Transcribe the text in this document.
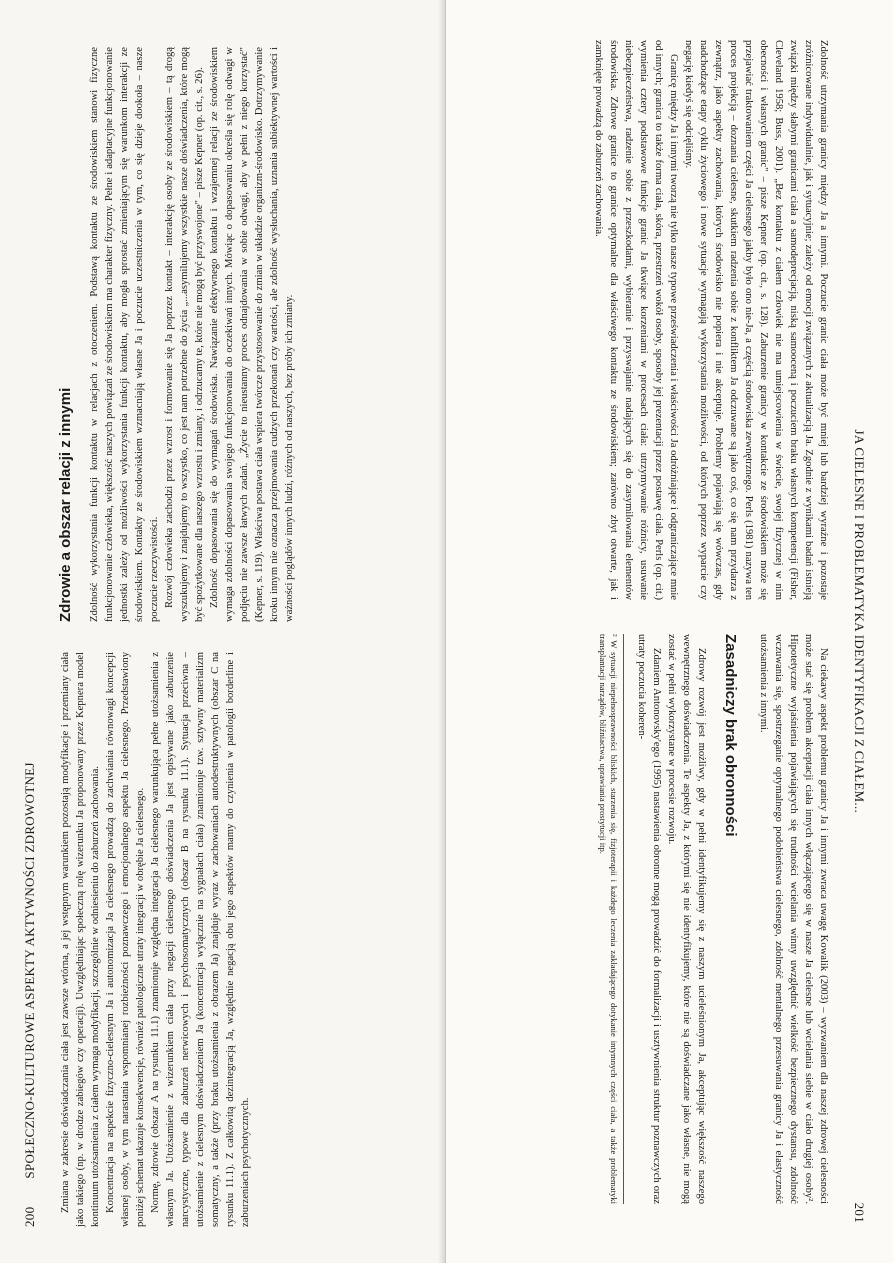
200
SPOŁECZNO-KULTUROWE ASPEKTY AKTYWNOŚCI ZDROWOTNEJ Zmiana w zakresie doświadczania ciała jest zawsze wtórna, a jej wstępnym warunkiem pozostają modyfikacje i przemiany ciała jako takiego (np. w drodze zabiegów czy operacji). Uwzględniając społeczną rolę wizerunku Ja proponowany przez Kepnera model kontinuum utożsamienia z ciałem wymaga modyfikacji, szczególnie w odniesieniu do zaburzeń zachowania. Koncentracja na aspekcie fizyczno-cielesnym Ja i autonomizacja Ja cielesnego prowadzą do zachwiania równowagi koncepcji własnej osoby, w tym narastania wspomnianej rozbieżności poznawczego i emocjonalnego aspektu Ja cielesnego. Przedstawiony poniżej schemat ukazuje konsekwencje, również patologiczne utraty integracji w obrębie Ja cielesnego. Normę, zdrowie (obszar A na rysunku 11.1) znamionuje względna integracja Ja cielesnego warunkująca pełne utożsamienia z własnym Ja. Utożsamienie z wizerunkiem ciała przy negacji cielesnego doświadczenia Ja jest opisywane jako zaburzenie narcystyczne, typowe dla zaburzeń nerwicowych i psychosomatycznych (obszar B na rysunku 11.1). Sytuacja przeciwna – utożsamienie z cielesnym doświadczeniem Ja (koncentracja wyłącznie na sygnałach ciała) znamionuje tzw. sztywny materializm somatyczny, a także (przy braku utożsamienia z obrazem Ja) znajduje wyraz w zachowaniach autodestruktywnych (obszar C na rysunku 11.1). Z całkowitą dezintegracją Ja, względnie negacją obu jego aspektów mamy do czynienia w patologii borderline i zaburzeniach psychotycznych.

Zdrowie a obszar relacji z innymi Zdolność wykorzystania funkcji kontaktu w relacjach z otoczeniem. Podstawą kontaktu ze środowiskiem stanowi fizyczne funkcjonowanie człowieka, większość naszych powiązań ze środowiskiem ma charakter fizyczny. Pełne i adaptacyjne funkcjonowanie jednostki zależy od możliwości wykorzystania funkcji kontaktu, aby mogła sprostać zmieniającym się warunkom interakcji ze środowiskiem. Kontakty ze środowiskiem wzmacniają własne Ja i poczucie uczestniczenia w tym, co się dzieje dookoła – nasze poczucie rzeczywistości. Rozwój człowieka zachodzi przez wzrost i formowanie się Ja poprzez kontakt – interakcję osoby ze środowiskiem – tą drogą wyszukujemy i znajdujemy to wszystko, co jest nam potrzebne do życia „...asymilujemy wszystkie nasze doświadczenia, które mogą być spożytkowane dla naszego wzrostu i zmiany, i odrzucamy te, które nie mogą być przyswojone" – pisze Kepner (op. cit., s. 26). Zdolność dopasowania się do wymagań środowiska. Nawiązanie efektywnego kontaktu i wzajemnej relacji ze środowiskiem wymaga zdolności dopasowania swojego funkcjonowania do oczekiwań innych. Mówiąc o dopasowaniu określa się rolę odwagi w podjęciu nie zawsze łatwych zadań. „Życie to nieustanny proces odnajdowania w sobie odwagi, aby w pełni z niego korzystać" (Kepner, s. 119). Właściwa postawa ciała wspiera twórcze przystosowanie do zmian w układzie organizm-środowisko. Dotrzymywanie kroku innym nie oznacza przejmowania cudzych przekonań czy wartości, ale zdolność wysłuchania, uznania subiektywnej wartości i ważności poglądów innych ludzi, różnych od naszych, bez próby ich zmiany.	JA CIELESNE I PROBLEMATYKA IDENTYFIKACJI Z CIAŁEM...
201

Zdolność utrzymania granicy między Ja a innymi. Poczucie granic ciała może być mniej lub bardziej wyraźne i pozostaje zróżnicowane indywidualnie, jak i sytuacyjnie; zależy od emocji związanych z aktualizacją Ja. Zgodnie z wynikami badań istnieją związki między słabymi granicami ciała a samodeprecjacją, niską samooceną i poczuciem braku własnych kompetencji (Fisher, Cleveland 1958; Buss, 2001). „Bez kontaktu z ciałem człowiek nie ma umiejscowienia w świecie, swojej fizycznej w nim obecności i własnych granic" – pisze Kepner (op. cit., s. 128). Zaburzenie granicy w kontakcie ze środowiskiem może się przejawiać traktowaniem części Ja cielesnego jakby było ono nie-Ja, a częścią środowiska zewnętrznego. Perls (1981) nazywa ten proces projekcją – doznania cielesne, skutkiem radzenia sobie z konfliktem Ja odczuwane są jako coś, co się nam przydarza z zewnątrz, jako aspekty zachowania, których środowisko nie popiera i nie akceptuje. Problemy pojawiają się wówczas, gdy nadchodzące etapy cyklu życiowego i nowe sytuacje wymagają wykorzystania możliwości, od których poprzez wyparcie czy negację kiedyś się odcięliśmy.

Granicę między Ja i innymi tworzą nie tylko nasze typowe przeświadczenia i właściwości Ja odróżniające i odgraniczające mnie od innych; granica to także forma ciała, skóra, przestrzeń wokół osoby, sposoby jej prezentacji przez postawę ciała. Perls (op. cit.) wymienia cztery podstawowe funkcje granic Ja tkwiące korzeniami w procesach ciała: utrzymywanie różnicy, usuwanie niebezpieczeństwa, radzenie sobie z przeszkodami, wybieranie i przyswajanie nadających się do zasymilowania elementów środowiska. Zdrowe granice to granice optymalne dla właściwego kontaktu ze środowiskiem; zarówno zbyt otwarte, jak i zamknięte prowadzą do zaburzeń zachowania.

Na ciekawy aspekt problemu granicy Ja i innymi zwraca uwagę Kowalik (2003) – wyzwaniem dla naszej zdrowej cielesności może stać się problem akceptacji ciała innych włączającego się w nasze Ja cielesne lub wcielania siebie w ciało drugiej osoby². Hipotetyczne wyjaśnienia pojawiających się trudności wcielania winny uwzględnić wielkość bezpiecznego dystansu, zdolność wczuwania się, spostrzeganie optymalnego podobieństwa cielesnego, zdolność mentalnego przesuwania granicy Ja i elastyczność utożsamienia z innymi.

Zasadniczy brak obronności

Zdrowy rozwój jest możliwy, gdy w pełni identyfikujemy się z naszym ucieleśnionym Ja, akceptując większość naszego wewnętrznego doświadczenia. Te aspekty Ja, z którymi się nie identyfikujemy, które nie są doświadczane jako własne, nie mogą zostać w pełni wykorzystane w procesie rozwoju.

Zdaniem Antonovsky'ego (1995) nastawienia obronne mogą prowadzić do formalizacji i usztywnienia struktur poznawczych oraz utraty poczucia koheren-

² W sytuacji niepełnosprawności bliskich, starzenia się, fizjoterapii i każdego leczenia zakładającego dotykanie intymnych części ciała, a także problematyki transplantacji narządów, bliźniactwa, uprawiania prostytucji itp.
